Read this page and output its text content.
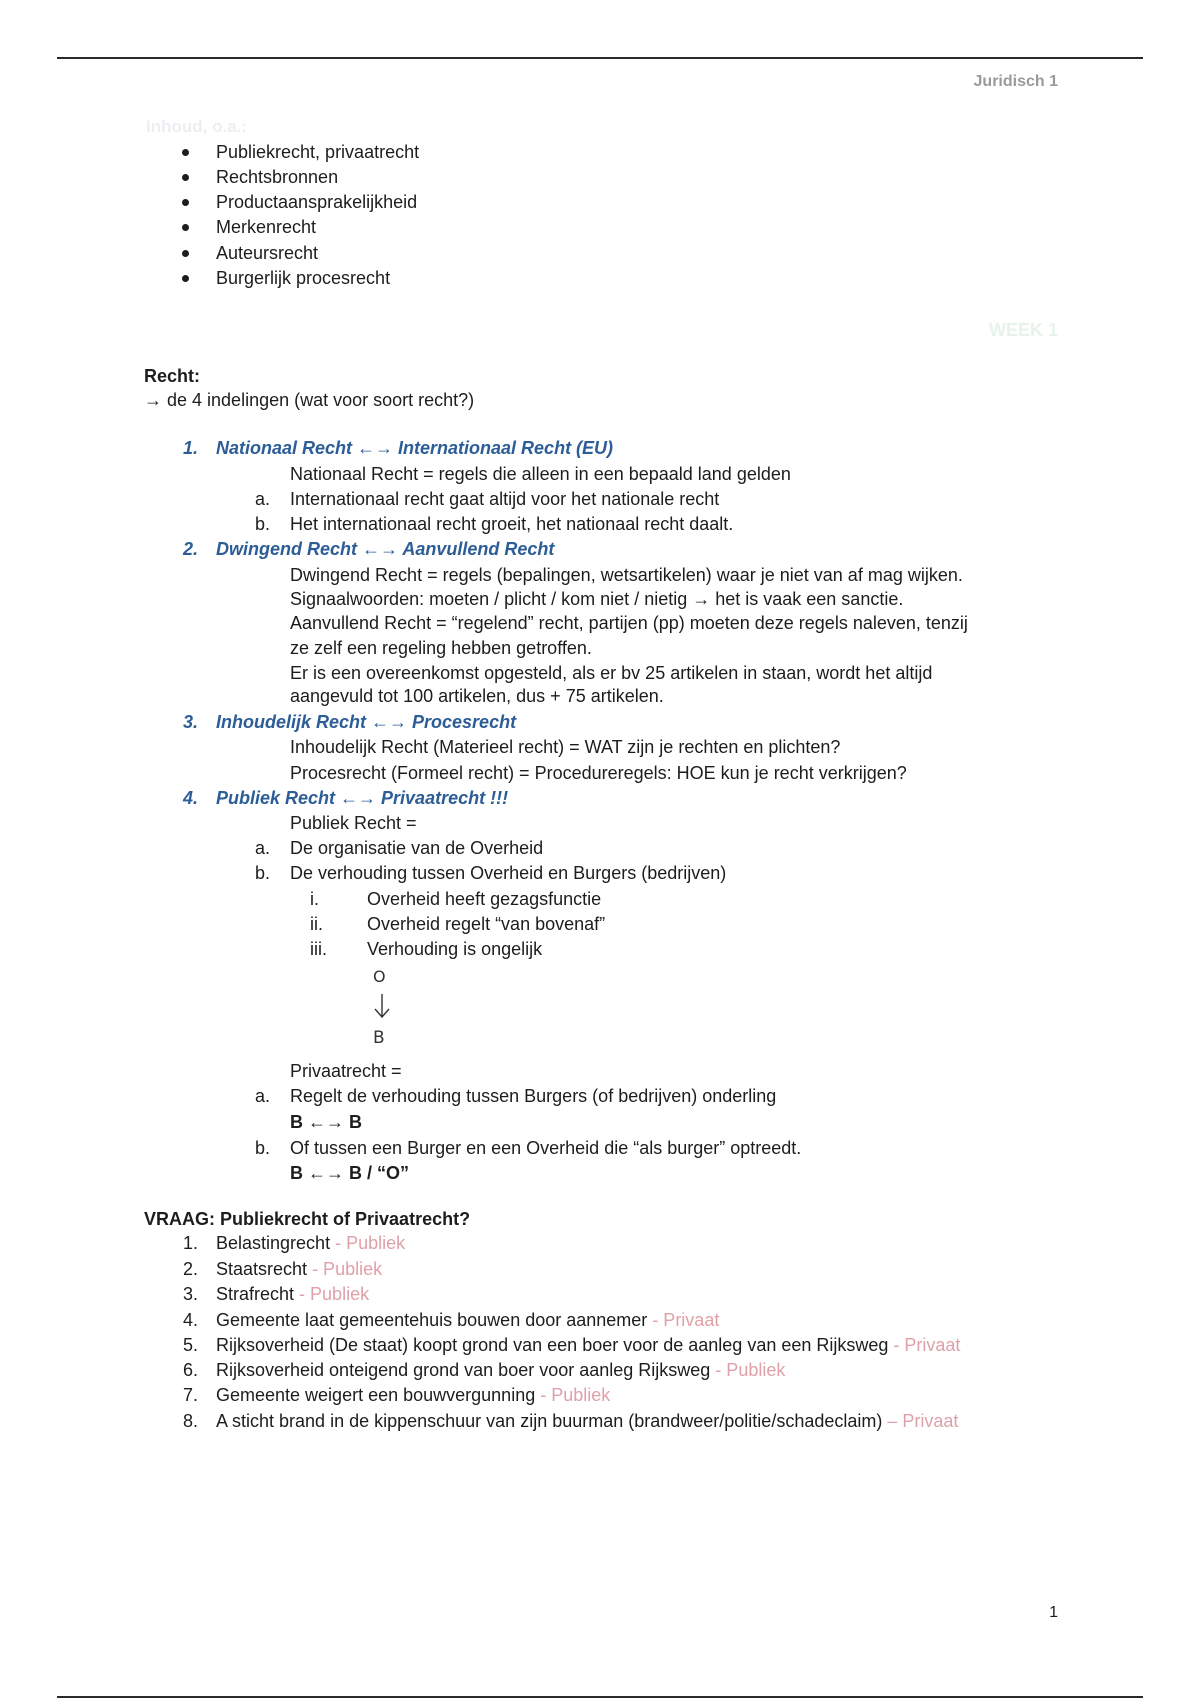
Juridisch 1
Inhoud, o.a.:
Publiekrecht, privaatrecht
Rechtsbronnen
Productaansprakelijkheid
Merkenrecht
Auteursrecht
Burgerlijk procesrecht
WEEK 1
Recht:
→ de 4 indelingen (wat voor soort recht?)
1. Nationaal Recht ←→ Internationaal Recht (EU)
Nationaal Recht = regels die alleen in een bepaald land gelden
a. Internationaal recht gaat altijd voor het nationale recht
b. Het internationaal recht groeit, het nationaal recht daalt.
2. Dwingend Recht ←→ Aanvullend Recht
Dwingend Recht = regels (bepalingen, wetsartikelen) waar je niet van af mag wijken.
Signaalwoorden: moeten / plicht / kom niet / nietig → het is vaak een sanctie.
Aanvullend Recht = “regelend” recht, partijen (pp) moeten deze regels naleven, tenzij
ze zelf een regeling hebben getroffen.
Er is een overeenkomst opgesteld, als er bv 25 artikelen in staan, wordt het altijd
aangevuld tot 100 artikelen, dus + 75 artikelen.
3. Inhoudelijk Recht ←→ Procesrecht
Inhoudelijk Recht (Materieel recht) = WAT zijn je rechten en plichten?
Procesrecht (Formeel recht) = Procedureregels: HOE kun je recht verkrijgen?
4. Publiek Recht ←→ Privaatrecht !!!
Publiek Recht =
a. De organisatie van de Overheid
b. De verhouding tussen Overheid en Burgers (bedrijven)
i.	Overheid heeft gezagsfunctie
ii. Overheid regelt “van bovenaf”
iii. Verhouding is ongelijk
O
B
Privaatrecht =
a. Regelt de verhouding tussen Burgers (of bedrijven) onderling
B ←→ B
b. Of tussen een Burger en een Overheid die “als burger” optreedt.
B ←→ B / “O”
VRAAG: Publiekrecht of Privaatrecht?
1. Belastingrecht - Publiek
2. Staatsrecht - Publiek
3. Strafrecht - Publiek
4. Gemeente laat gemeentehuis bouwen door aannemer - Privaat
5. Rijksoverheid (De staat) koopt grond van een boer voor de aanleg van een Rijksweg - Privaat
6. Rijksoverheid onteigend grond van boer voor aanleg Rijksweg - Publiek
7. Gemeente weigert een bouwvergunning - Publiek
8. A sticht brand in de kippenschuur van zijn buurman (brandweer/politie/schadeclaim) – Privaat
1
